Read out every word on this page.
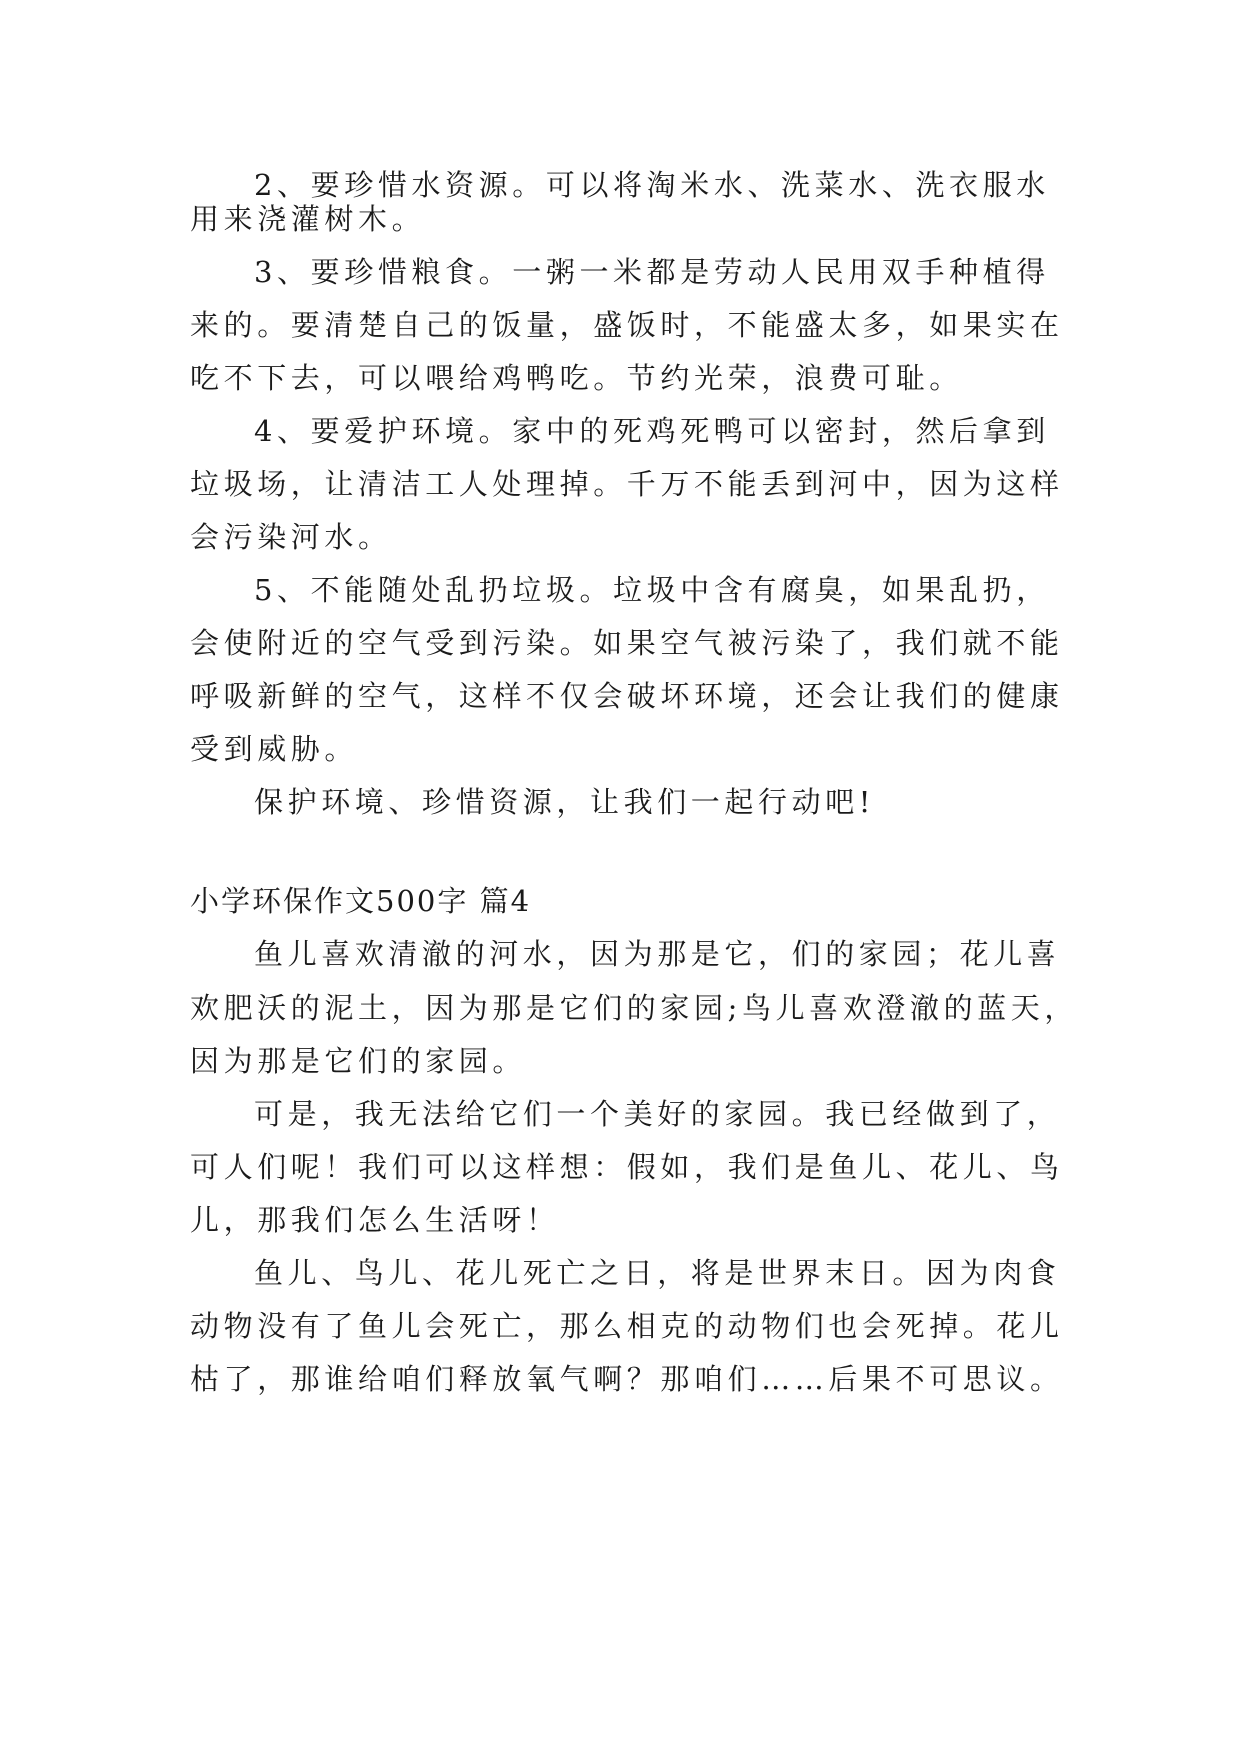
2、要珍惜水资源。可以将淘米水、洗菜水、洗衣服水

用来浇灌树木。

3、要珍惜粮食。一粥一米都是劳动人民用双手种植得

来的。要清楚自己的饭量，盛饭时，不能盛太多，如果实在

吃不下去，可以喂给鸡鸭吃。节约光荣，浪费可耻。

4、要爱护环境。家中的死鸡死鸭可以密封，然后拿到

垃圾场，让清洁工人处理掉。千万不能丢到河中，因为这样

会污染河水。

5、不能随处乱扔垃圾。垃圾中含有腐臭，如果乱扔，

会使附近的空气受到污染。如果空气被污染了，我们就不能

呼吸新鲜的空气，这样不仅会破坏环境，还会让我们的健康

受到威胁。

保护环境、珍惜资源，让我们一起行动吧!

小学环保作文500字 篇4

鱼儿喜欢清澈的河水，因为那是它，们的家园；花儿喜

欢肥沃的泥土，因为那是它们的家园;鸟儿喜欢澄澈的蓝天，

因为那是它们的家园。

可是，我无法给它们一个美好的家园。我已经做到了，

可人们呢！我们可以这样想：假如，我们是鱼儿、花儿、鸟

儿，那我们怎么生活呀！

鱼儿、鸟儿、花儿死亡之日，将是世界末日。因为肉食

动物没有了鱼儿会死亡，那么相克的动物们也会死掉。花儿

枯了，那谁给咱们释放氧气啊？那咱们……后果不可思议。
